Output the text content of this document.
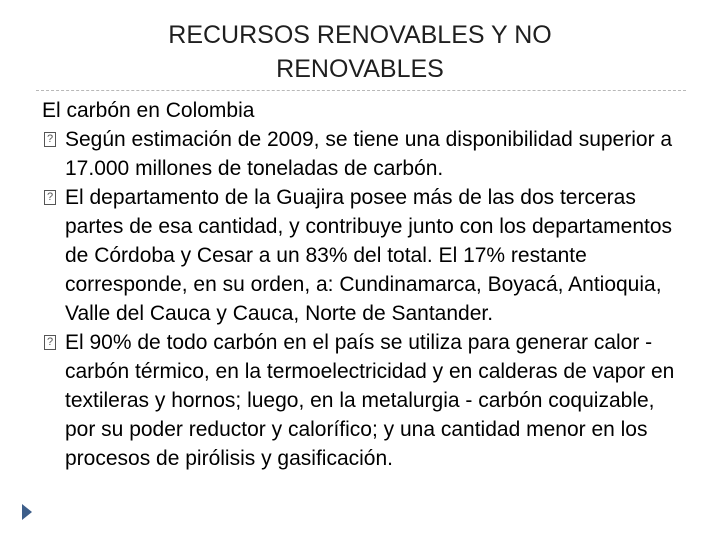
RECURSOS RENOVABLES Y NO RENOVABLES

El carbón en Colombia

? Según estimación de 2009, se tiene una disponibilidad superior a 17.000 millones de toneladas de carbón.
? El departamento de la Guajira posee más de las dos terceras partes de esa cantidad, y contribuye junto con los departamentos de Córdoba y Cesar a un 83% del total. El 17% restante corresponde, en su orden, a: Cundinamarca, Boyacá, Antioquia, Valle del Cauca y Cauca, Norte de Santander.
? El 90% de todo carbón en el país se utiliza para generar calor - carbón térmico, en la termoelectricidad y en calderas de vapor en textileras y hornos; luego, en la metalurgia - carbón coquizable, por su poder reductor y calorífico; y una cantidad menor en los procesos de pirólisis y gasificación.
